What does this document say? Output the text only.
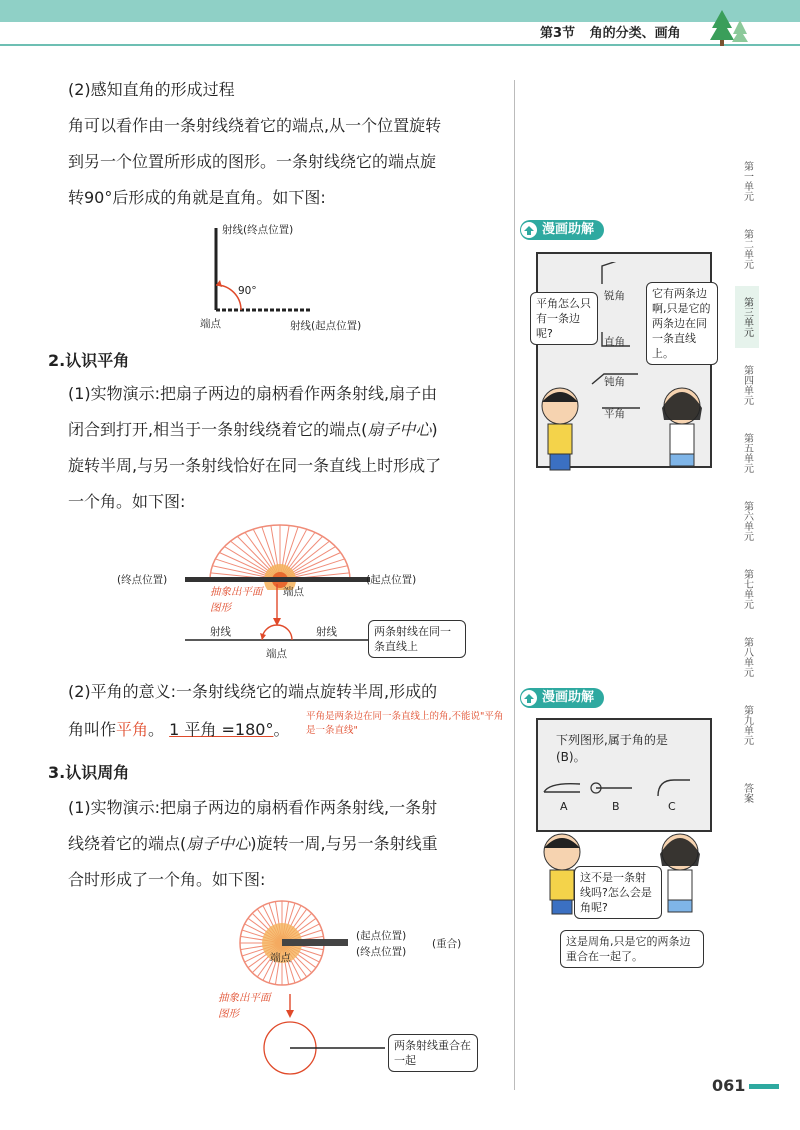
第3节 角的分类、画角
(2)感知直角的形成过程
角可以看作由一条射线绕着它的端点,从一个位置旋转
到另一个位置所形成的图形。一条射线绕它的端点旋
转90°后形成的角就是直角。如下图:
射线(终点位置)
90°
端点	射线(起点位置)
2.认识平角
(1)实物演示:把扇子两边的扇柄看作两条射线,扇子由
闭合到打开,相当于一条射线绕着它的端点(扇子中心)
旋转半周,与另一条射线恰好在同一条直线上时形成了
一个角。如下图:
(终点位置)	(起点位置)
端点
抽象出平面图形
射线	射线
端点
两条射线在同一条直线上
(2)平角的意义:一条射线绕它的端点旋转半周,形成的
角叫作平角。 1 平角 =180°。
平角是两条边在同一条直线上的角,不能说"平角是一条直线"
3.认识周角
(1)实物演示:把扇子两边的扇柄看作两条射线,一条射
线绕着它的端点(扇子中心)旋转一周,与另一条射线重
合时形成了一个角。如下图:
(起点位置)
(终点位置)
(重合)
端点
抽象出平面图形
两条射线重合在一起
漫画助解
锐角
直角
钝角
平角
平角怎么只有一条边呢?
它有两条边啊,只是它的两条边在同一条直线上。
漫画助解
下列图形,属于角的是(B)。
A	B	C
这不是一条射线吗?怎么会是角呢?
这是周角,只是它的两条边重合在一起了。
第一单元
第二单元
第三单元
第四单元
第五单元
第六单元
第七单元
第八单元
第九单元
答案
061
